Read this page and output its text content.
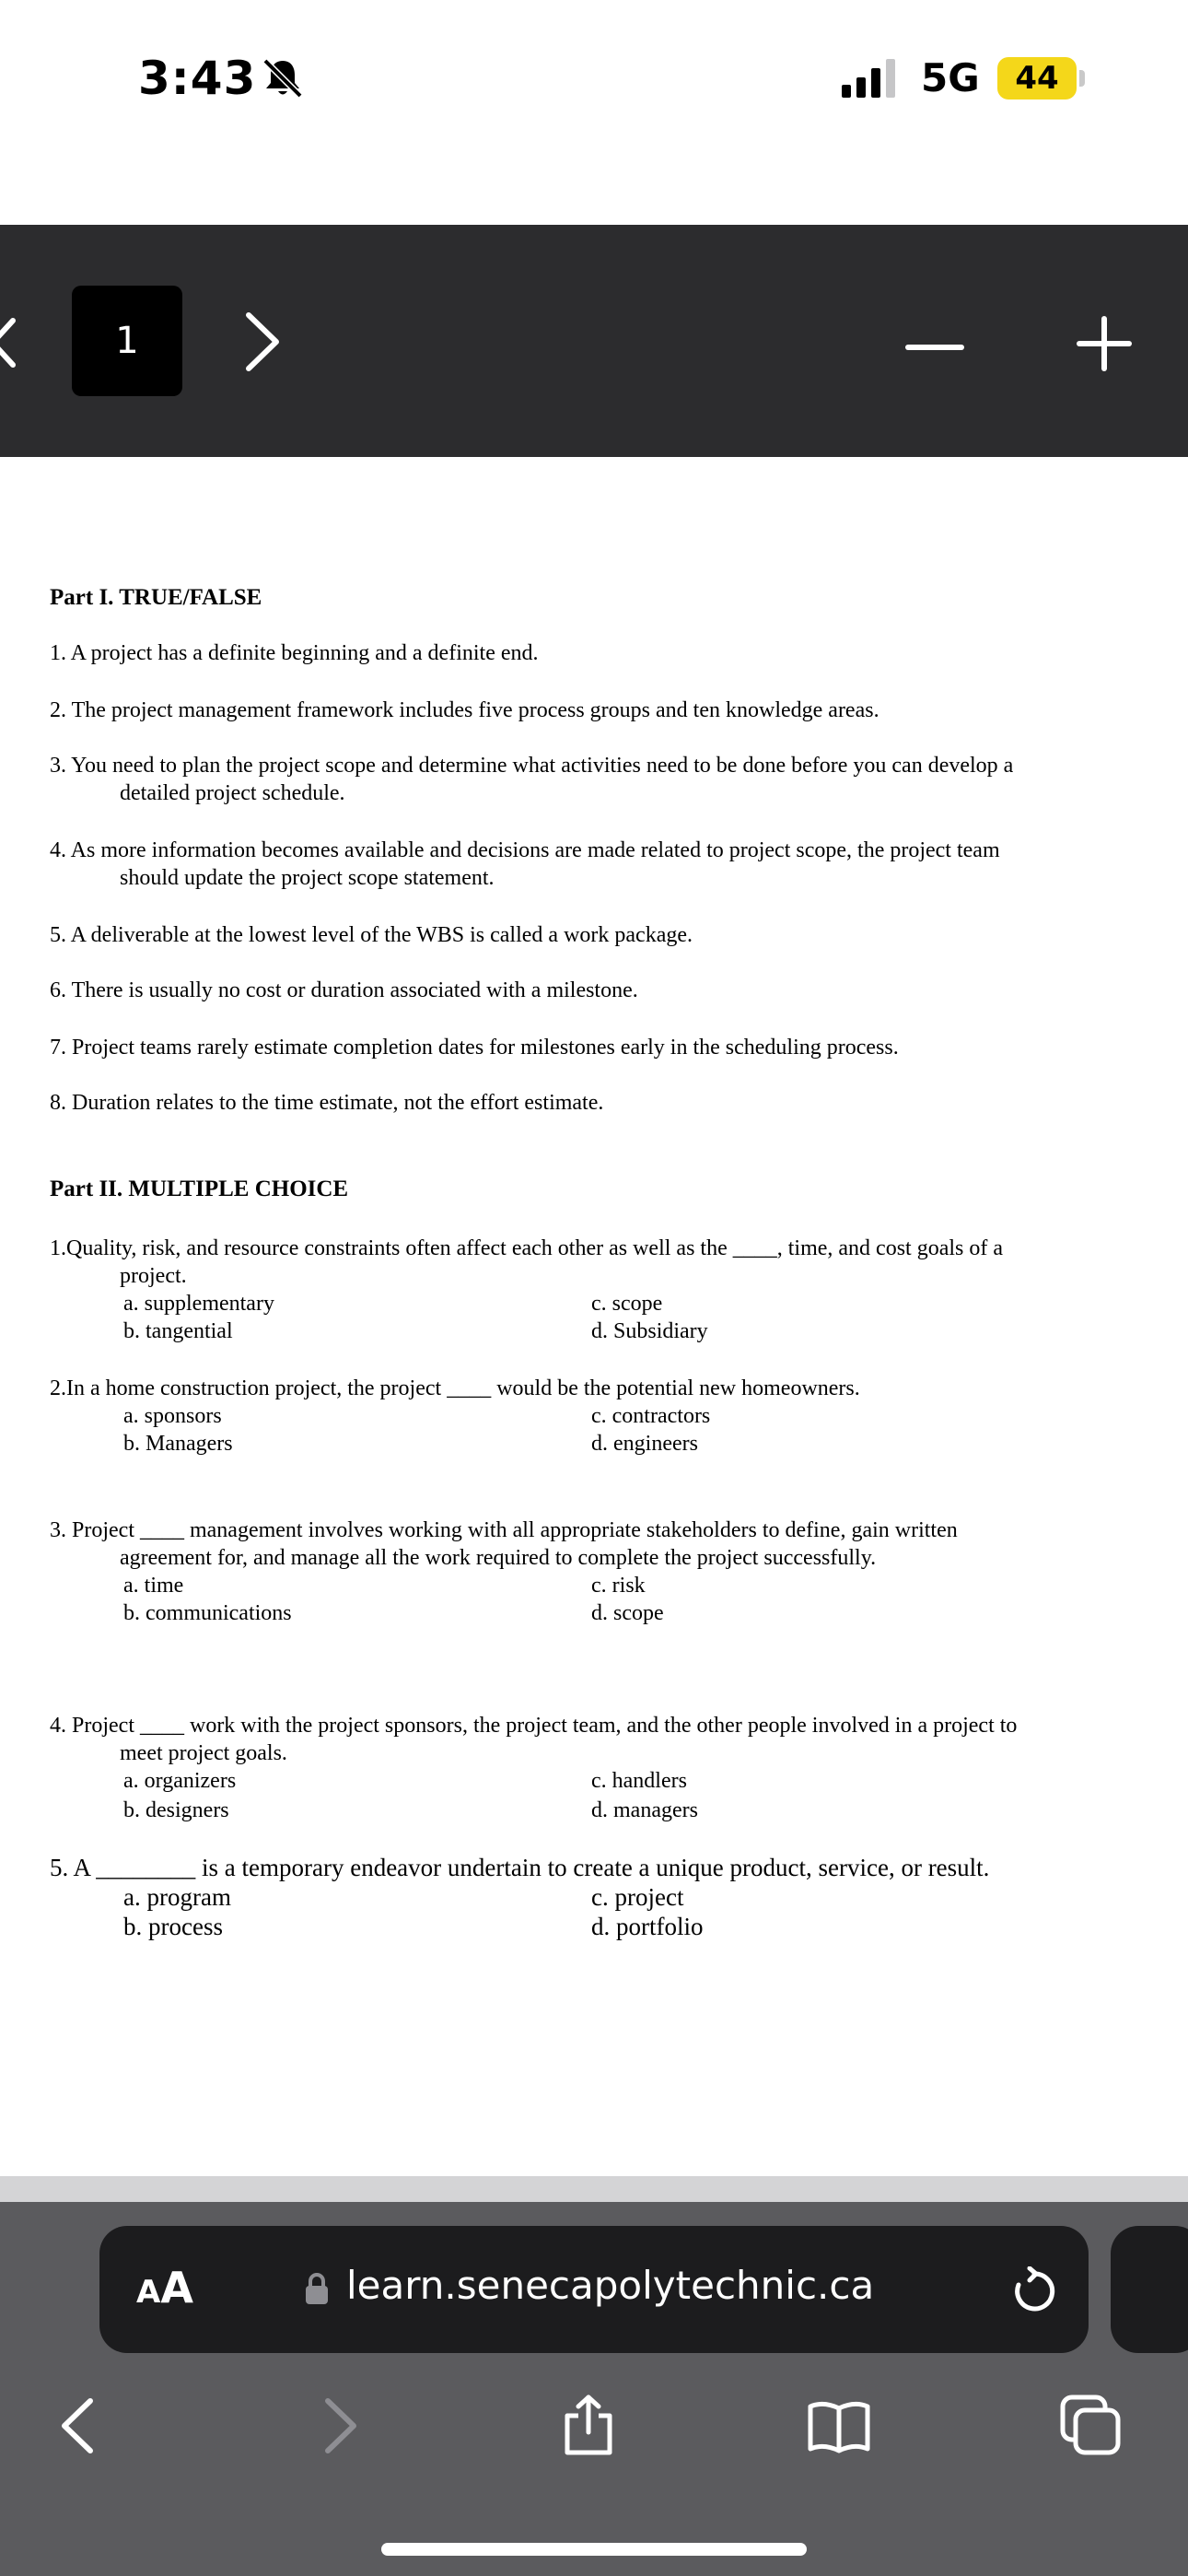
3:43	5G	44
1
Part I. TRUE/FALSE
1. A project has a definite beginning and a definite end.
2. The project management framework includes five process groups and ten knowledge areas.
3. You need to plan the project scope and determine what activities need to be done before you can develop a
detailed project schedule.
4. As more information becomes available and decisions are made related to project scope, the project team
should update the project scope statement.
5. A deliverable at the lowest level of the WBS is called a work package.
6. There is usually no cost or duration associated with a milestone.
7. Project teams rarely estimate completion dates for milestones early in the scheduling process.
8. Duration relates to the time estimate, not the effort estimate.
Part II. MULTIPLE CHOICE
1.Quality, risk, and resource constraints often affect each other as well as the ____, time, and cost goals of a
project.
a. supplementary	c. scope
b. tangential	d. Subsidiary
2.In a home construction project, the project ____ would be the potential new homeowners.
a. sponsors	c. contractors
b. Managers	d. engineers
3. Project ____ management involves working with all appropriate stakeholders to define, gain written
agreement for, and manage all the work required to complete the project successfully.
a. time	c. risk
b. communications	d. scope
4. Project ____ work with the project sponsors, the project team, and the other people involved in a project to
meet project goals.
a. organizers	c. handlers
b. designers	d. managers
5. A ________ is a temporary endeavor undertain to create a unique product, service, or result.
a. program	c. project
b. process	d. portfolio
AA	learn.senecapolytechnic.ca
